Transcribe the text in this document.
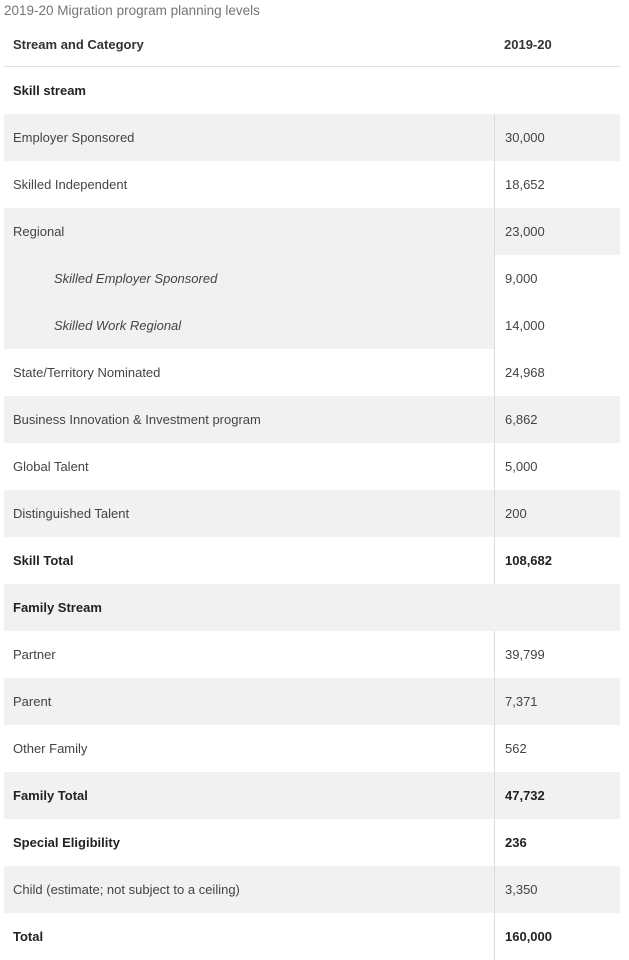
2019-20 Migration program planning levels
Stream and Category	2019-20
Skill stream
Employer Sponsored	30,000
Skilled Independent	18,652
Regional	23,000
Skilled Employer Sponsored	9,000
Skilled Work Regional	14,000
State/Territory Nominated	24,968
Business Innovation & Investment program	6,862
Global Talent	5,000
Distinguished Talent	200
Skill Total	108,682
Family Stream
Partner	39,799
Parent	7,371
Other Family	562
Family Total	47,732
Special Eligibility	236
Child (estimate; not subject to a ceiling)	3,350
Total	160,000
